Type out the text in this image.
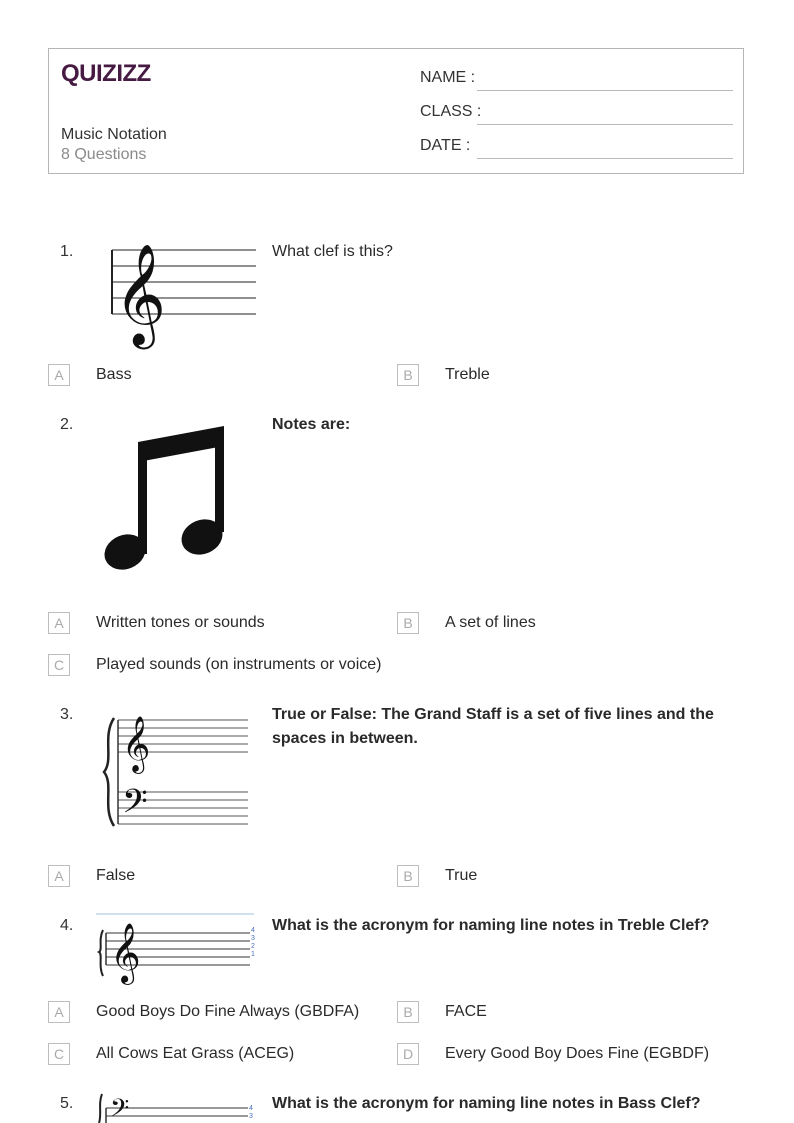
QUIZIZZ
Music Notation
8 Questions
NAME :
CLASS :
DATE :
1. 𝄞	What clef is this?
A	Bass	B	Treble
2.	Notes are:
A	Written tones or sounds	B	A set of lines
C	Played sounds (on instruments or voice)
3.
𝄞
𝄢
True or False: The Grand Staff is a set of five lines and the spaces in between.
A	False	B	True
4. 𝄞	4
3
2
1
What is the acronym for naming line notes in Treble Clef?
A	Good Boys Do Fine Always (GBDFA)	B	FACE
C	All Cows Eat Grass (ACEG)	D	Every Good Boy Does Fine (EGBDF)
5. 𝄢	4
3
What is the acronym for naming line notes in Bass Clef?
